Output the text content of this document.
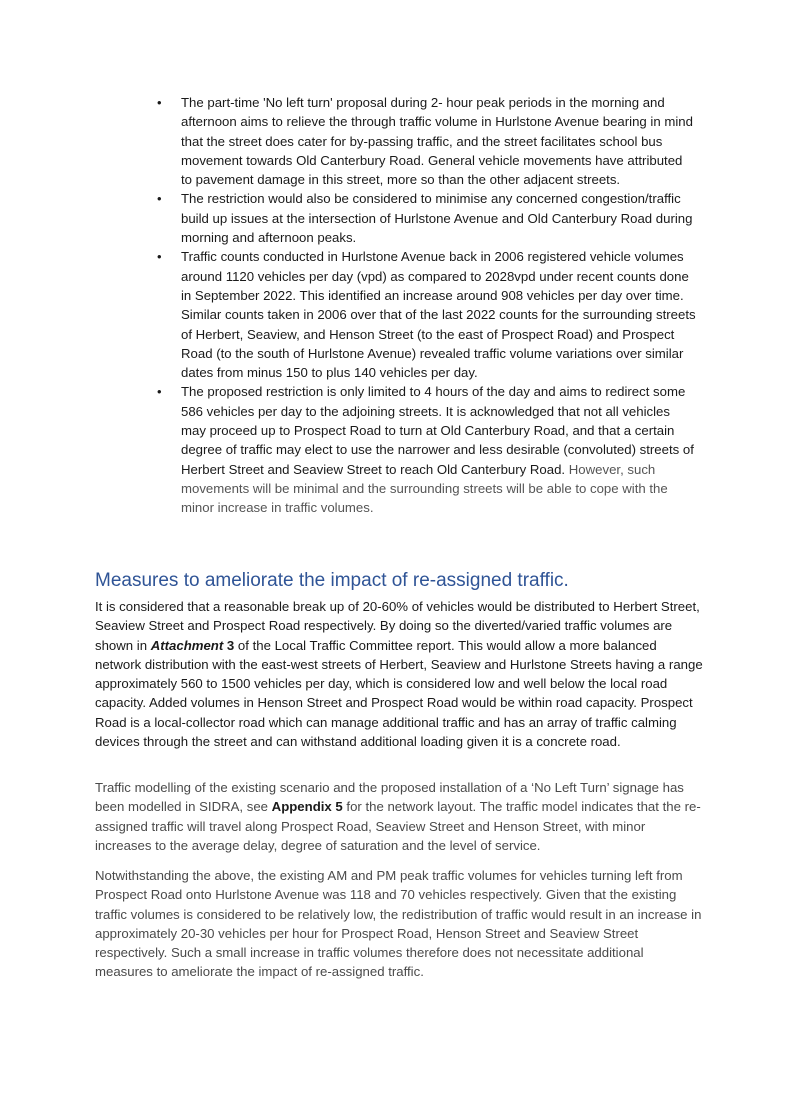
•	The part-time 'No left turn' proposal during 2- hour peak periods in the morning and afternoon aims to relieve the through traffic volume in Hurlstone Avenue bearing in mind that the street does cater for by-passing traffic, and the street facilitates school bus movement towards Old Canterbury Road. General vehicle movements have attributed to pavement damage in this street, more so than the other adjacent streets.
•	The restriction would also be considered to minimise any concerned congestion/traffic build up issues at the intersection of Hurlstone Avenue and Old Canterbury Road during morning and afternoon peaks.
•	Traffic counts conducted in Hurlstone Avenue back in 2006 registered vehicle volumes around 1120 vehicles per day (vpd) as compared to 2028vpd under recent counts done in September 2022. This identified an increase around 908 vehicles per day over time. Similar counts taken in 2006 over that of the last 2022 counts for the surrounding streets of Herbert, Seaview, and Henson Street (to the east of Prospect Road) and Prospect Road (to the south of Hurlstone Avenue) revealed traffic volume variations over similar dates from minus 150 to plus 140 vehicles per day.
•	The proposed restriction is only limited to 4 hours of the day and aims to redirect some 586 vehicles per day to the adjoining streets. It is acknowledged that not all vehicles may proceed up to Prospect Road to turn at Old Canterbury Road, and that a certain degree of traffic may elect to use the narrower and less desirable (convoluted) streets of Herbert Street and Seaview Street to reach Old Canterbury Road. However, such movements will be minimal and the surrounding streets will be able to cope with the minor increase in traffic volumes.
Measures to ameliorate the impact of re-assigned traffic.

It is considered that a reasonable break up of 20-60% of vehicles would be distributed to Herbert Street, Seaview Street and Prospect Road respectively. By doing so the diverted/varied traffic volumes are shown in Attachment 3 of the Local Traffic Committee report. This would allow a more balanced network distribution with the east-west streets of Herbert, Seaview and Hurlstone Streets having a range approximately 560 to 1500 vehicles per day, which is considered low and well below the local road capacity. Added volumes in Henson Street and Prospect Road would be within road capacity. Prospect Road is a local-collector road which can manage additional traffic and has an array of traffic calming devices through the street and can withstand additional loading given it is a concrete road.

Traffic modelling of the existing scenario and the proposed installation of a ‘No Left Turn’ signage has been modelled in SIDRA, see Appendix 5 for the network layout. The traffic model indicates that the re-assigned traffic will travel along Prospect Road, Seaview Street and Henson Street, with minor increases to the average delay, degree of saturation and the level of service.

Notwithstanding the above, the existing AM and PM peak traffic volumes for vehicles turning left from Prospect Road onto Hurlstone Avenue was 118 and 70 vehicles respectively. Given that the existing traffic volumes is considered to be relatively low, the redistribution of traffic would result in an increase in approximately 20-30 vehicles per hour for Prospect Road, Henson Street and Seaview Street respectively. Such a small increase in traffic volumes therefore does not necessitate additional measures to ameliorate the impact of re-assigned traffic.
